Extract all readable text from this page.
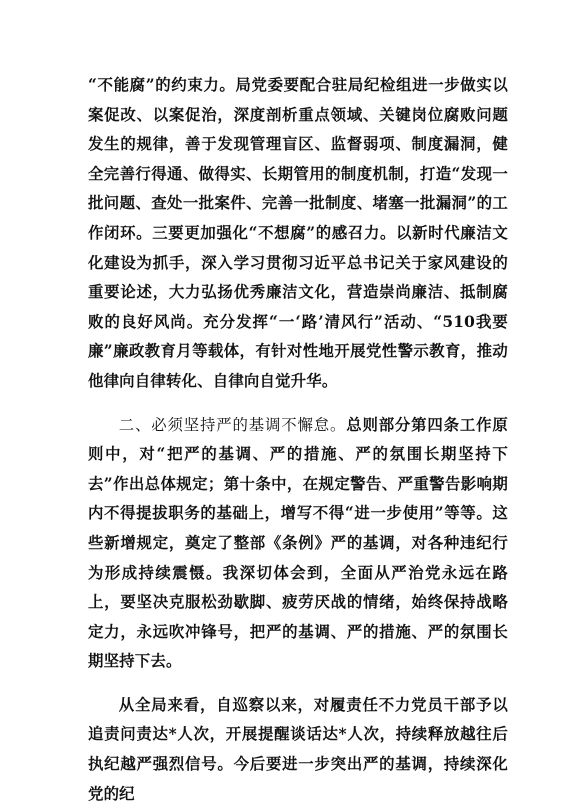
“不能腐”的约束力。局党委要配合驻局纪检组进一步做实以案促改、以案促治，深度剖析重点领域、关键岗位腐败问题发生的规律，善于发现管理盲区、监督弱项、制度漏洞，健全完善行得通、做得实、长期管用的制度机制，打造“发现一批问题、查处一批案件、完善一批制度、堵塞一批漏洞”的工作闭环。三要更加强化“不想腐”的感召力。以新时代廉洁文化建设为抓手，深入学习贯彻习近平总书记关于家风建设的重要论述，大力弘扬优秀廉洁文化，营造崇尚廉洁、抵制腐败的良好风尚。充分发挥“一‘路’清风行”活动、“510我要廉”廉政教育月等载体，有针对性地开展党性警示教育，推动他律向自律转化、自律向自觉升华。

二、必须坚持严的基调不懈怠。总则部分第四条工作原则中，对“把严的基调、严的措施、严的氛围长期坚持下去”作出总体规定；第十条中，在规定警告、严重警告影响期内不得提拔职务的基础上，增写不得“进一步使用”等等。这些新增规定，奠定了整部《条例》严的基调，对各种违纪行为形成持续震慑。我深切体会到，全面从严治党永远在路上，要坚决克服松劲歇脚、疲劳厌战的情绪，始终保持战略定力，永远吹冲锋号，把严的基调、严的措施、严的氛围长期坚持下去。

从全局来看，自巡察以来，对履责任不力党员干部予以追责问责达*人次，开展提醒谈话达*人次，持续释放越往后执纪越严强烈信号。今后要进一步突出严的基调，持续深化党的纪
